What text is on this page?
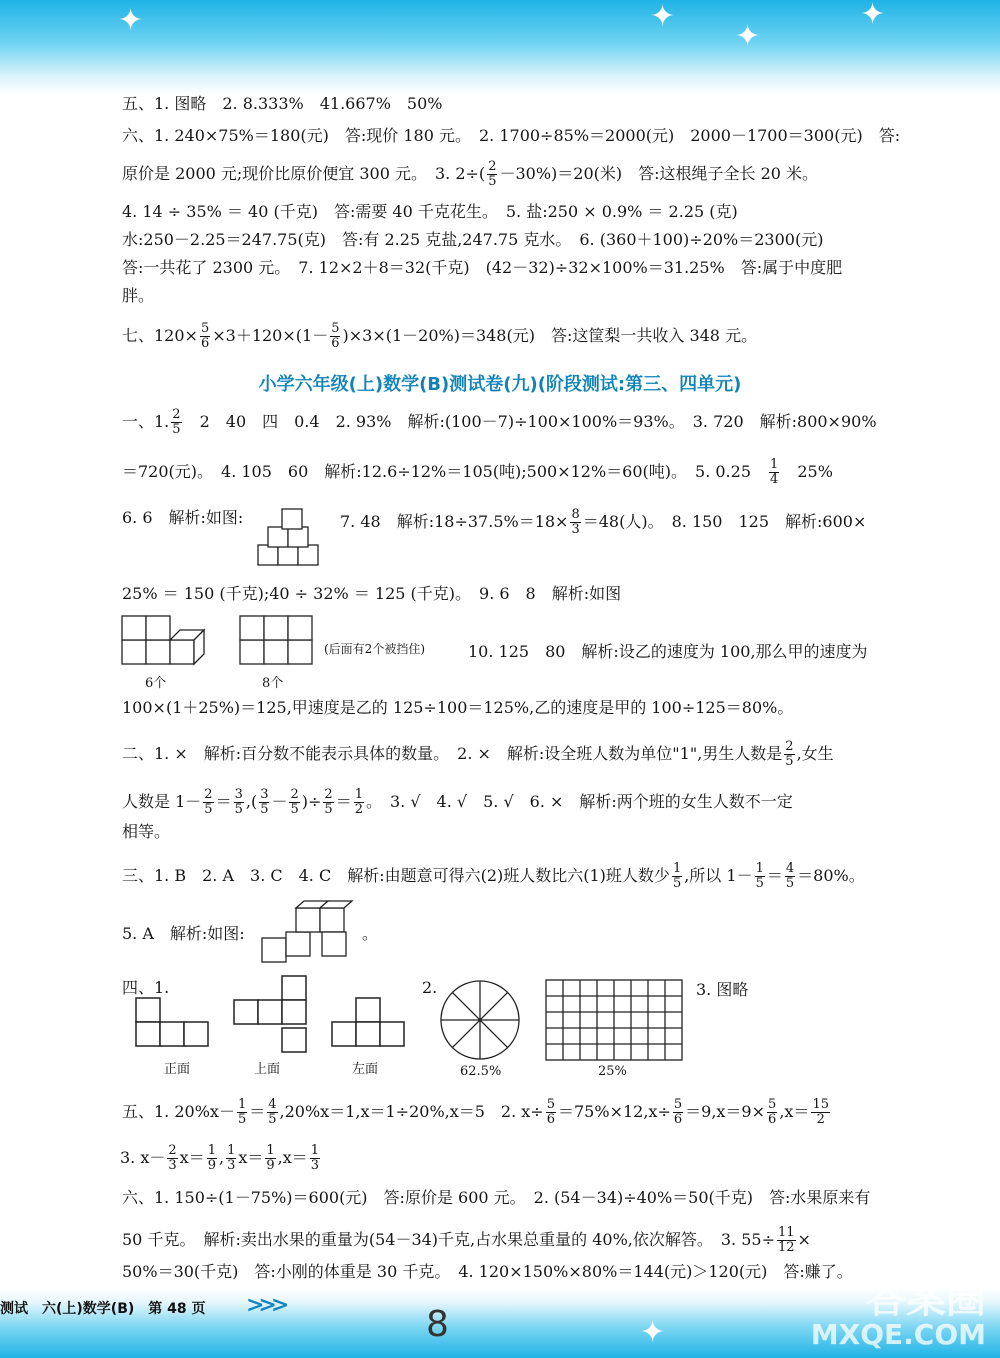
✦	✦
✦
✦
✦
五、1. 图略　2. 8.333%　41.667%　50%
六、1. 240×75%＝180(元)　答:现价 180 元。　2. 1700÷85%＝2000(元)　2000－1700＝300(元)　答:
原价是 2000 元;现价比原价便宜 300 元。　3. $2\div( \frac{2}{5} -30\%)=20$(米)　答:这根绳子全长 20 米。
4. 14 ÷ 35% ＝ 40 (千克)　答:需要 40 千克花生。　5. 盐:250 × 0.9% ＝ 2.25 (克)
水:250－2.25＝247.75(克)　答:有 2.25 克盐,247.75 克水。　6. (360＋100)÷20%＝2300(元)
答:一共花了 2300 元。　7. 12×2＋8＝32(千克)　(42－32)÷32×100%＝31.25%　答:属于中度肥
胖。
七、$120\times \frac{5}{6} \times 3+120\times(1- \frac{5}{6} )\times 3\times(1-20\%)=348$(元)　答:这筐梨一共收入 348 元。
小学六年级(上)数学(B)测试卷(九)(阶段测试:第三、四单元)
一、1. $\frac{2}{5}$
　 2　40　四　0.4　2. 93%　解析:(100－7)÷100×100%＝93%。　3. 720　解析:800×90%
＝720(元)。　4. 105　60　解析:12.6÷12%＝105(吨);500×12%＝60(吨)。　5. 0.25　 $\frac{1}{4}$
　 25%
6. 6　解析:如图:	7. 48　解析:18÷37.5%＝18× $\frac{8}{3} =48$(人)。　8. 150　125　解析:600×
25% ＝ 150 (千克);40 ÷ 32% ＝ 125 (千克)。　9. 6　8　解析:如图
6个	8个
(后面有2个被挡住)	10. 125　80　解析:设乙的速度为 100,那么甲的速度为
100×(1＋25%)＝125,甲速度是乙的 125÷100＝125%,乙的速度是甲的 100÷125＝80%。
二、1. ×　解析:百分数不能表示具体的数量。　2. ×　解析:设全班人数为单位"1",男生人数是 $\frac{2}{5}$ ,女生
人数是 $1- \frac{2}{5} = \frac{3}{5}$ ,( $\frac{3}{5} - \frac{2}{5}$ )÷ $\frac{2}{5} = \frac{1}{2}$ 。　3. √　4. √　5. √　6. ×　解析:两个班的女生人数不一定
相等。
三、1. B　2. A　3. C　4. C　解析:由题意可得六(2)班人数比六(1)班人数少 $\frac{1}{5}$ ,所以 $1- \frac{1}{5} = \frac{4}{5} =80\%$。
5. A　解析:如图:	。
四、1.
正面	上面	左面
2.
62.5%	25%
3. 图略
五、1. $20\%x- \frac{1}{5} = \frac{4}{5} ,20\%x=1,x=1\div 20\%,x=5$　2. $x\div \frac{5}{6} =75\%\times 12,x\div \frac{5}{6} =9,x=9\times \frac{5}{6} ,x= \frac{15}{2}$
3. $x- \frac{2}{3} x= \frac{1}{9}$ , $\frac{1}{3} x= \frac{1}{9} ,x= \frac{1}{3}$
六、1. 150÷(1－75%)＝600(元)　答:原价是 600 元。　2. (54－34)÷40%＝50(千克)　答:水果原来有
50 千克。　解析:卖出水果的重量为(54－34)千克,占水果总重量的 40%,依次解答。　3. $55\div \frac{11}{12}$ ×
50%＝30(千克)　答:小刚的体重是 30 千克。　4. 120×150%×80%＝144(元)＞120(元)　答:赚了。
测试　六(上)数学(B)　第 48 页 >>>	8
答案圈
MXQE.COM
